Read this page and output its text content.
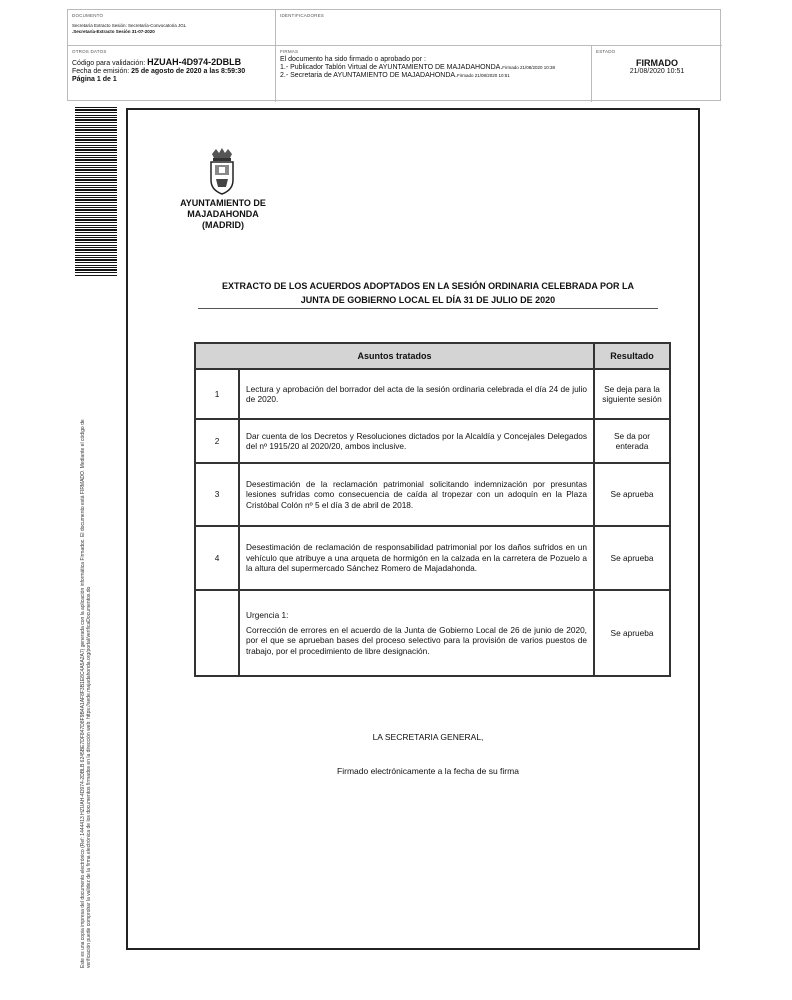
DOCUMENTO
Secretaría Extracto Sesión: Secretaría-Convocatoria JGL
.Secretaría-Extracto Sesión 31-07-2020
IDENTIFICADORES
OTROS DATOS
Código para validación: HZUAH-4D974-2DBLB
Fecha de emisión: 25 de agosto de 2020 a las 8:59:30
Página 1 de 1
FIRMAS
El documento ha sido firmado o aprobado por :
1.- Publicador Tablón Virtual de AYUNTAMIENTO DE MAJADAHONDA.Firmado 21/08/2020 10:38
2.- Secretaria de AYUNTAMIENTO DE MAJADAHONDA.Firmado 21/08/2020 10:51
ESTADO
FIRMADO
21/08/2020 10:51
Este es una copia impresa del documento electrónico (Ref: 1444413 HZUAH-4D974-2DBLB 6245BE7DF847D8F9B4A1AF8F3B1E8C4A5A2A7) generada con la aplicación informática Firmadoc. El documento está FIRMADO. Mediante el código de verificación puede comprobar la validez de la firma electrónica de los documentos firmados en la dirección web: https://sede.majadahonda.org/portal/verificaDocumentos.do
AYUNTAMIENTO DE
MAJADAHONDA
(MADRID)
EXTRACTO DE LOS ACUERDOS ADOPTADOS EN LA SESIÓN ORDINARIA CELEBRADA POR LA
JUNTA DE GOBIERNO LOCAL EL DÍA 31 DE JULIO DE 2020
Asuntos tratados		Resultado
1	Lectura y aprobación del borrador del acta de la sesión ordinaria celebrada el día 24 de julio de 2020.	Se deja para la siguiente sesión
2	Dar cuenta de los Decretos y Resoluciones dictados por la Alcaldía y Concejales Delegados del nº 1915/20 al 2020/20, ambos inclusive.	Se da por enterada
3	Desestimación de la reclamación patrimonial solicitando indemnización por presuntas lesiones sufridas como consecuencia de caída al tropezar con un adoquín en la Plaza Cristóbal Colón nº 5 el día 3 de abril de 2018.	Se aprueba
4	Desestimación de reclamación de responsabilidad patrimonial por los daños sufridos en un vehículo que atribuye a una arqueta de hormigón en la calzada en la carretera de Pozuelo a la altura del supermercado Sánchez Romero de Majadahonda.	Se aprueba

	Urgencia 1:
Corrección de errores en el acuerdo de la Junta de Gobierno Local de 26 de junio de 2020, por el que se aprueban bases del proceso selectivo para la provisión de varios puestos de trabajo, por el procedimiento de libre designación.	Se aprueba
LA SECRETARIA GENERAL,
Firmado electrónicamente a la fecha de su firma
